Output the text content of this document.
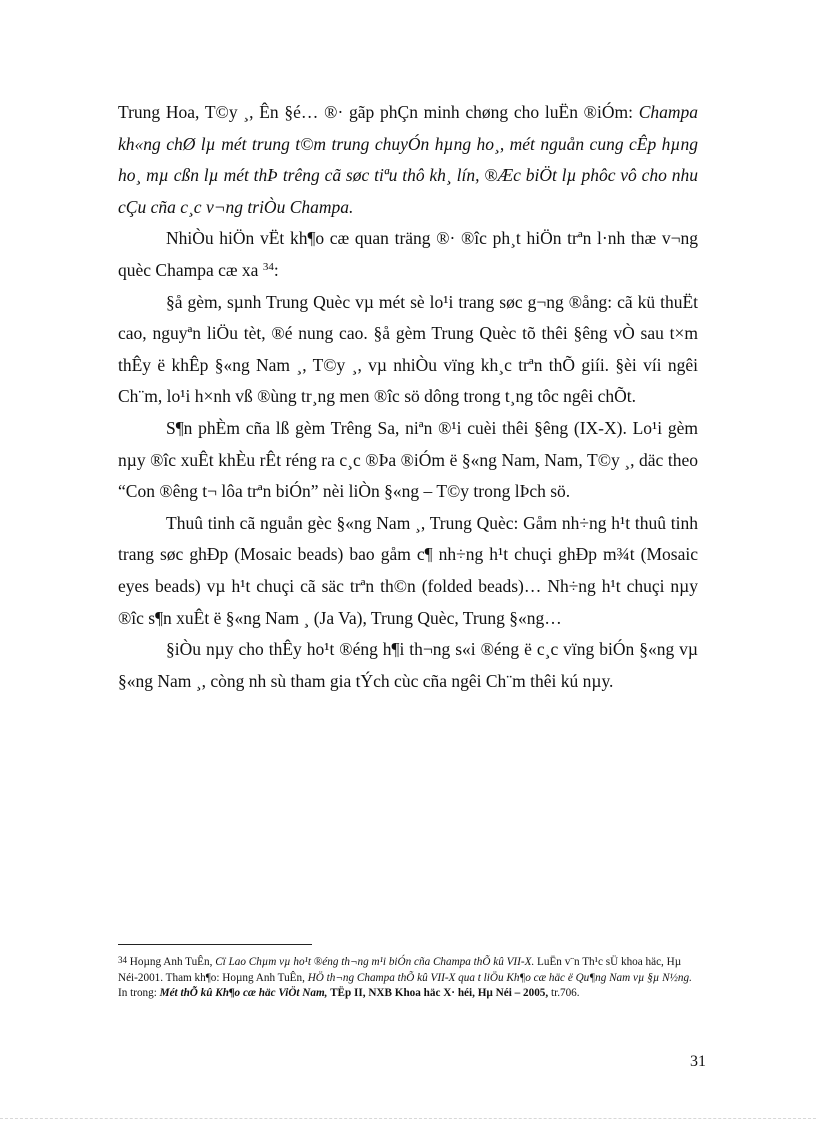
Trung Hoa, T©y ¸, Ên §é… ®· gãp phÇn minh chøng cho luËn ®iÓm: Champa kh«ng chØ lµ mét trung t©m trung chuyÓn hµng ho¸, mét nguån cung cÊp hµng ho¸ mµ cßn lµ mét thÞ trêng cã søc tiªu thô kh¸ lín, ®Æc biÖt lµ phôc vô cho nhu cÇu cña c¸c v¬ng triÒu Champa.

NhiÒu hiÖn vËt kh¶o cæ quan träng ®· ®îc ph¸t hiÖn trªn l·nh thæ v¬ng quèc Champa cæ xa $^{34}$:

§å gèm, sµnh Trung Quèc vµ mét sè lo¹i trang søc g¬ng ®ång: cã kü thuËt cao, nguyªn liÖu tèt, ®é nung cao. §å gèm Trung Quèc tõ thêi §êng vÒ sau t×m thÊy ë khÊp §«ng Nam ¸, T©y ¸, vµ nhiÒu vïng kh¸c trªn thÕ giíi. §èi víi ngêi Ch¨m, lo¹i h×nh vß ®ùng tr¸ng men ®îc sö dông trong t¸ng tôc ngêi chÕt.

S¶n phÈm cña lß gèm Trêng Sa, niªn ®¹i cuèi thêi §êng (IX-X). Lo¹i gèm nµy ®îc xuÊt khÈu rÊt réng ra c¸c ®Þa ®iÓm ë §«ng Nam, Nam, T©y ¸, däc theo “Con ®êng t¬ lôa trªn biÓn” nèi liÒn §«ng – T©y trong lÞch sö.

Thuû tinh cã nguån gèc §«ng Nam ¸, Trung Quèc: Gåm nh÷ng h¹t thuû tinh trang søc ghÐp (Mosaic beads) bao gåm c¶ nh÷ng h¹t chuçi ghÐp m¾t (Mosaic eyes beads) vµ h¹t chuçi cã säc trªn th©n (folded beads)… Nh÷ng h¹t chuçi nµy ®îc s¶n xuÊt ë §«ng Nam ¸ (Ja Va), Trung Quèc, Trung §«ng…

§iÒu nµy cho thÊy ho¹t ®éng h¶i th¬ng s«i ®éng ë c¸c vïng biÓn §«ng vµ §«ng Nam ¸, còng nh sù tham gia tÝch cùc cña ngêi Ch¨m thêi kú nµy.

34 Hoµng Anh TuÊn, Cï Lao Chµm vµ ho¹t ®éng th¬ng m¹i biÓn cña Champa thÕ kû VII-X. LuËn v¨n Th¹c sÜ khoa häc, Hµ Néi-2001. Tham kh¶o: Hoµng Anh TuÊn, HÖ th¬ng Champa thÕ kû VII-X qua t liÖu Kh¶o cæ häc ë Qu¶ng Nam vµ §µ N½ng. In trong: Mét thÕ kû Kh¶o cæ häc ViÖt Nam, TËp II, NXB Khoa häc X· héi, Hµ Néi – 2005, tr.706.
31
